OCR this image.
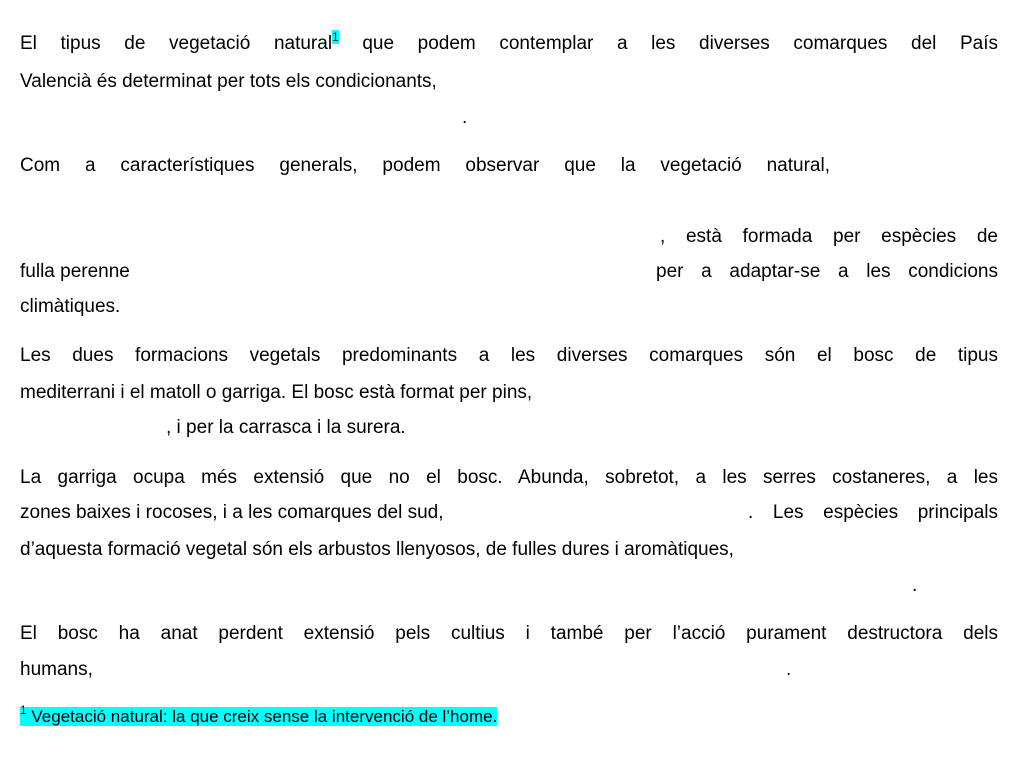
El tipus de vegetació natural$^1$ que podem contemplar a les diverses comarques del País
Valencià és determinat per tots els condicionants,
.
Com a característiques generals, podem observar que la vegetació natural,
, està formada per espècies de
fulla perenne	per a adaptar-se a les condicions
climàtiques.
Les dues formacions vegetals predominants a les diverses comarques són el bosc de tipus
mediterrani i el matoll o garriga. El bosc està format per pins,
, i per la carrasca i la surera.
La garriga ocupa més extensió que no el bosc. Abunda, sobretot, a les serres costaneres, a les
zones baixes i rocoses, i a les comarques del sud,	. Les espècies principals
d’aquesta formació vegetal són els arbustos llenyosos, de fulles dures i aromàtiques,
.
El bosc ha anat perdent extensió pels cultius i també per l’acció purament destructora dels
humans,	.
$^1$ Vegetació natural: la que creix sense la intervenció de l’home.
